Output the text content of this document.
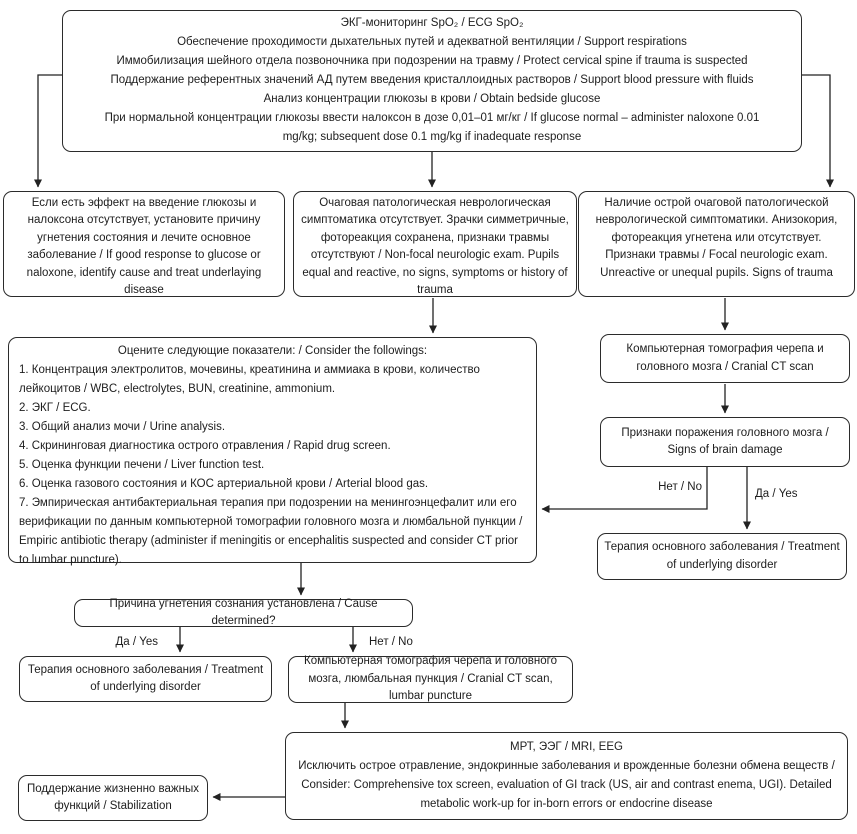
ЭКГ-мониторинг SpO₂ / ECG SpO₂
Обеспечение проходимости дыхательных путей и адекватной вентиляции / Support respirations
Иммобилизация шейного отдела позвоночника при подозрении на травму / Protect cervical spine if trauma is suspected
Поддержание референтных значений АД путем введения кристаллоидных растворов / Support blood pressure with fluids
Анализ концентрации глюкозы в крови / Obtain bedside glucose
При нормальной концентрации глюкозы ввести налоксон в дозе 0,01–01 мг/кг / If glucose normal – administer naloxone 0.01 mg/kg; subsequent dose 0.1 mg/kg if inadequate response
Если есть эффект на введение глюкозы и налоксона отсутствует, установите причину угнетения состояния и лечите основное заболевание / If good response to glucose or naloxone, identify cause and treat underlaying disease
Очаговая патологическая неврологическая симптоматика отсутствует. Зрачки симметричные, фотореакция сохранена, признаки травмы отсутствуют / Non-focal neurologic exam. Pupils equal and reactive, no signs, symptoms or history of trauma
Наличие острой очаговой патологической неврологической симптоматики. Анизокория, фотореакция угнетена или отсутствует. Признаки травмы / Focal neurologic exam. Unreactive or unequal pupils. Signs of trauma
Оцените следующие показатели: / Consider the followings:
1. Концентрация электролитов, мочевины, креатинина и аммиака в крови, количество лейкоцитов / WBC, electrolytes, BUN, creatinine, ammonium.
2. ЭКГ / ECG.
3. Общий анализ мочи / Urine analysis.
4. Скрининговая диагностика острого отравления / Rapid drug screen.
5. Оценка функции печени / Liver function test.
6. Оценка газового состояния и КОС артериальной крови / Arterial blood gas.
7. Эмпирическая антибактериальная терапия при подозрении на менингоэнцефалит или его верификации по данным компьютерной томографии головного мозга и люмбальной пункции / Empiric antibiotic therapy (administer if meningitis or encephalitis suspected and consider CT prior to lumbar puncture).
Компьютерная томография черепа и головного мозга / Cranial CT scan
Признаки поражения головного мозга / Signs of brain damage
Нет / No
Да / Yes
Терапия основного заболевания / Treatment of underlying disorder
Причина угнетения сознания установлена / Cause determined?
Да / Yes	Нет / No
Терапия основного заболевания / Treatment of underlying disorder
Компьютерная томография черепа и головного мозга, люмбальная пункция / Cranial CT scan, lumbar puncture
МРТ, ЭЭГ / MRI, EEG
Исключить острое отравление, эндокринные заболевания и врожденные болезни обмена веществ / Consider: Comprehensive tox screen, evaluation of GI track (US, air and contrast enema, UGI). Detailed metabolic work-up for in-born errors or endocrine disease
Поддержание жизненно важных функций / Stabilization
